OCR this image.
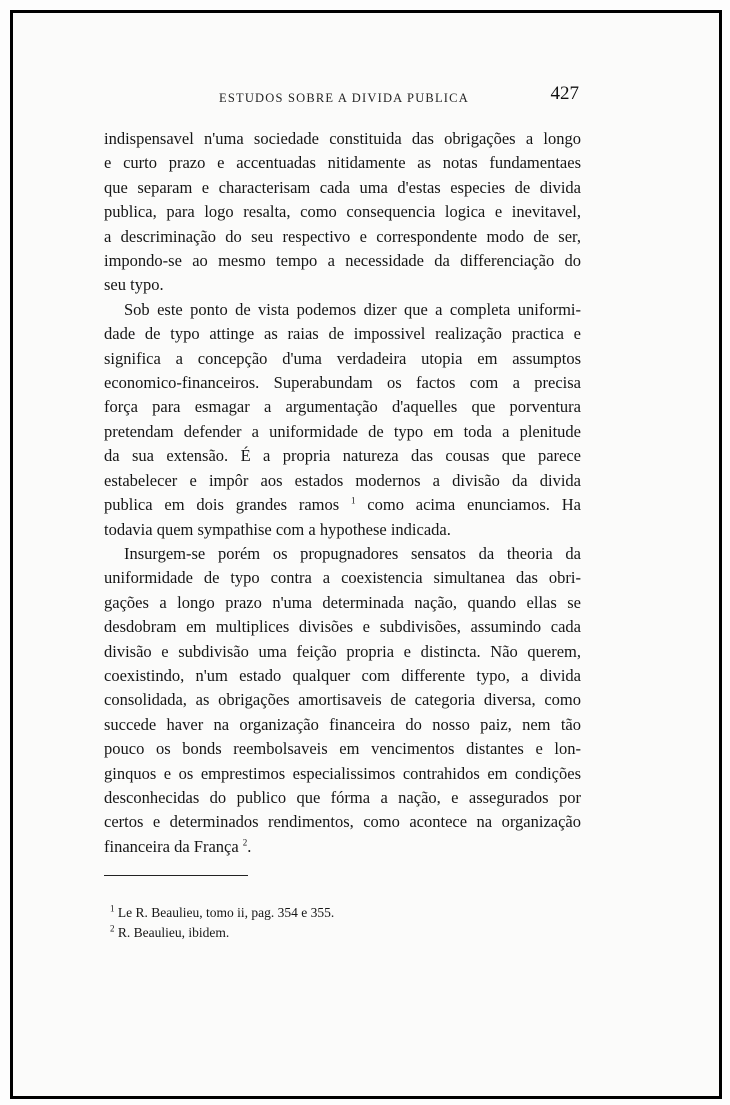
ESTUDOS SOBRE A DIVIDA PUBLICA	427

indispensavel n'uma sociedade constituida das obrigações a longo
e curto prazo e accentuadas nitidamente as notas fundamentaes
que separam e characterisam cada uma d'estas especies de divida
publica, para logo resalta, como consequencia logica e inevitavel,
a descriminação do seu respectivo e correspondente modo de ser,
impondo-se ao mesmo tempo a necessidade da differenciação do
seu typo.

Sob este ponto de vista podemos dizer que a completa uniformi-
dade de typo attinge as raias de impossivel realização practica e
significa a concepção d'uma verdadeira utopia em assumptos
economico-financeiros. Superabundam os factos com a precisa
força para esmagar a argumentação d'aquelles que porventura
pretendam defender a uniformidade de typo em toda a plenitude
da sua extensão. É a propria natureza das cousas que parece
estabelecer e impôr aos estados modernos a divisão da divida
publica em dois grandes ramos $^1$ como acima enunciamos. Ha
todavia quem sympathise com a hypothese indicada.

Insurgem-se porém os propugnadores sensatos da theoria da
uniformidade de typo contra a coexistencia simultanea das obri-
gações a longo prazo n'uma determinada nação, quando ellas se
desdobram em multiplices divisões e subdivisões, assumindo cada
divisão e subdivisão uma feição propria e distincta. Não querem,
coexistindo, n'um estado qualquer com differente typo, a divida
consolidada, as obrigações amortisaveis de categoria diversa, como
succede haver na organização financeira do nosso paiz, nem tão
pouco os bonds reembolsaveis em vencimentos distantes e lon-
ginquos e os emprestimos especialissimos contrahidos em condições
desconhecidas do publico que fórma a nação, e assegurados por
certos e determinados rendimentos, como acontece na organização
financeira da França $^2$.

$^1$ Le R. Beaulieu, tomo ii, pag. 354 e 355.
$^2$ R. Beaulieu, ibidem.
